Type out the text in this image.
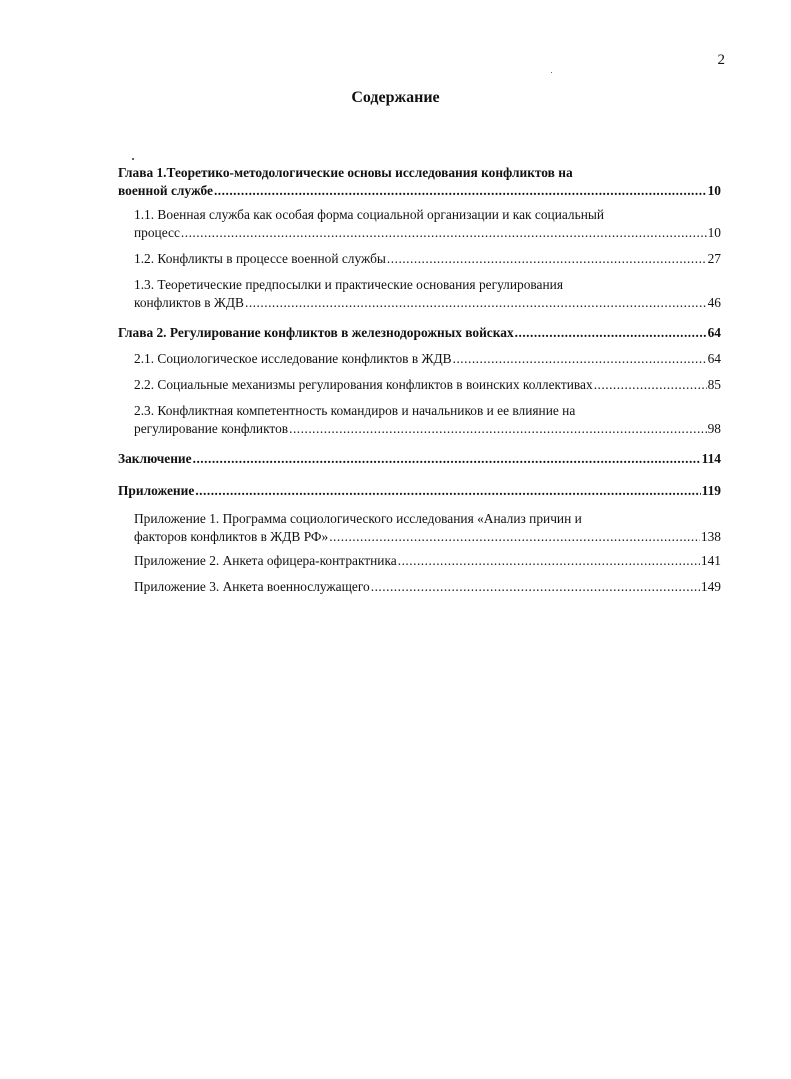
2
Содержание
Глава 1.Теоретико-методологические основы исследования конфликтов на
военной службе .....	10
1.1. Военная служба как особая форма социальной организации и как социальный
процесс .....	10
1.2. Конфликты в процессе военной службы .....	27
1.3. Теоретические предпосылки и практические основания регулирования
конфликтов в ЖДВ .....	46
Глава 2. Регулирование конфликтов в железнодорожных войсках .....	64
2.1. Социологическое исследование конфликтов в ЖДВ .....	64
2.2. Социальные механизмы регулирования конфликтов в воинских коллективах .....	85
2.3. Конфликтная компетентность командиров и начальников и ее влияние на
регулирование конфликтов .....	98
Заключение .....	114
Приложение .....	119
Приложение 1. Программа социологического исследования «Анализ причин и
факторов конфликтов в ЖДВ РФ» .....	138
Приложение 2. Анкета офицера-контрактника .....	141
Приложение 3. Анкета военнослужащего .....	149
